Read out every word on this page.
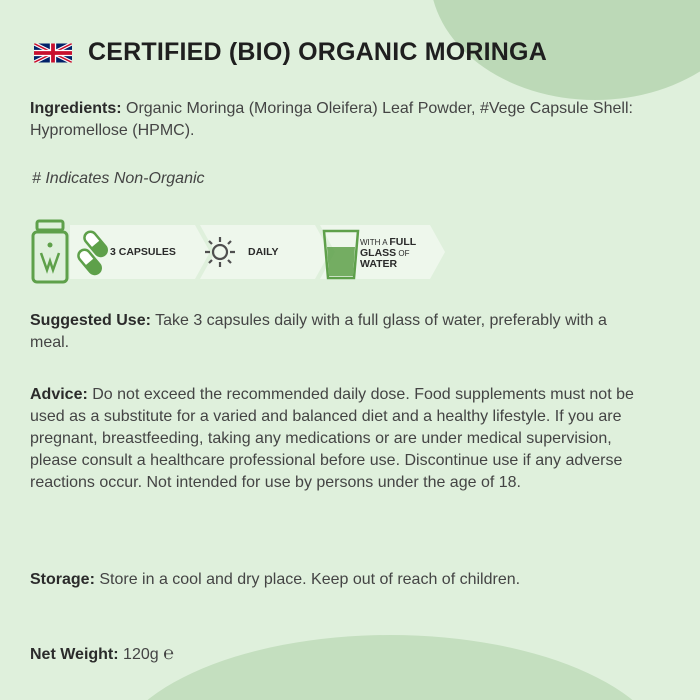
CERTIFIED (BIO) ORGANIC MORINGA

Ingredients: Organic Moringa (Moringa Oleifera) Leaf Powder, #Vege Capsule Shell: Hypromellose (HPMC).

# Indicates Non-Organic

3 CAPSULES	DAILY
WITH A FULL
GLASS OF
WATER

Suggested Use: Take 3 capsules daily with a full glass of water, preferably with a meal.

Advice: Do not exceed the recommended daily dose. Food supplements must not be used as a substitute for a varied and balanced diet and a healthy lifestyle. If you are pregnant, breastfeeding, taking any medications or are under medical supervision, please consult a healthcare professional before use. Discontinue use if any adverse reactions occur. Not intended for use by persons under the age of 18.

Storage: Store in a cool and dry place. Keep out of reach of children.

Net Weight: 120g ℮
